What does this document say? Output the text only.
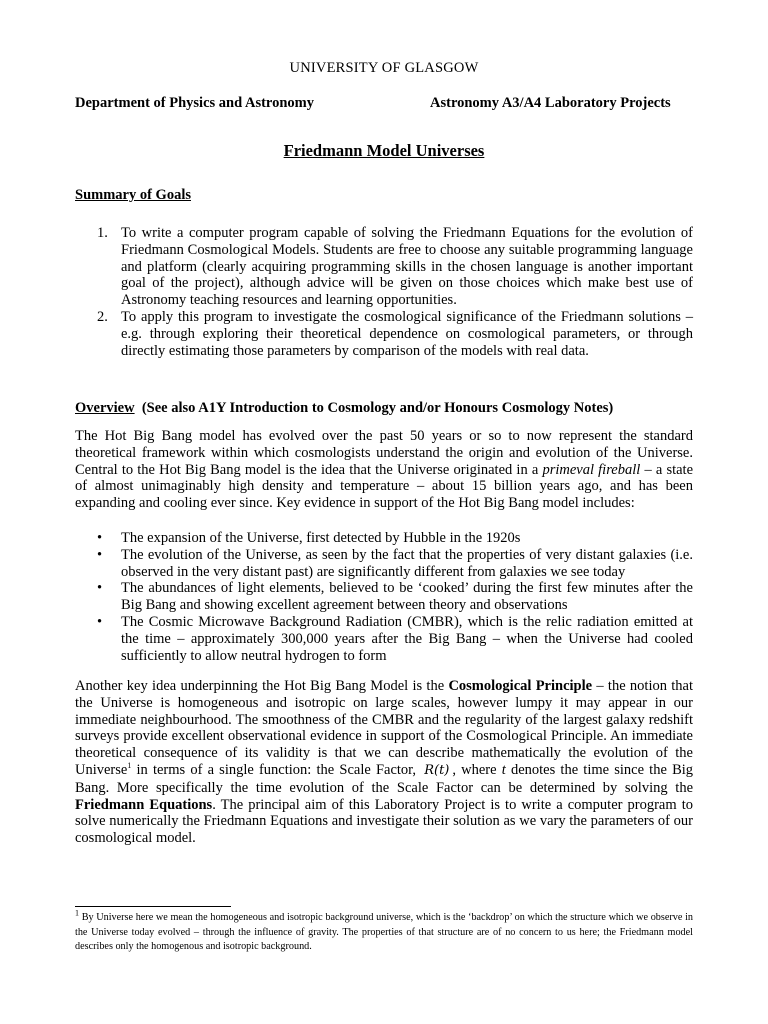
UNIVERSITY OF GLASGOW
Department of Physics and Astronomy	Astronomy A3/A4 Laboratory Projects
Friedmann Model Universes
Summary of Goals
1. To write a computer program capable of solving the Friedmann Equations for the evolution of Friedmann Cosmological Models. Students are free to choose any suitable programming language and platform (clearly acquiring programming skills in the chosen language is another important goal of the project), although advice will be given on those choices which make best use of Astronomy teaching resources and learning opportunities.
2. To apply this program to investigate the cosmological significance of the Friedmann solutions – e.g. through exploring their theoretical dependence on cosmological parameters, or through directly estimating those parameters by comparison of the models with real data.
Overview (See also A1Y Introduction to Cosmology and/or Honours Cosmology Notes)

The Hot Big Bang model has evolved over the past 50 years or so to now represent the standard theoretical framework within which cosmologists understand the origin and evolution of the Universe. Central to the Hot Big Bang model is the idea that the Universe originated in a primeval fireball – a state of almost unimaginably high density and temperature – about 15 billion years ago, and has been expanding and cooling ever since. Key evidence in support of the Hot Big Bang model includes:

• The expansion of the Universe, first detected by Hubble in the 1920s
• The evolution of the Universe, as seen by the fact that the properties of very distant galaxies (i.e. observed in the very distant past) are significantly different from galaxies we see today
• The abundances of light elements, believed to be ‘cooked’ during the first few minutes after the Big Bang and showing excellent agreement between theory and observations
• The Cosmic Microwave Background Radiation (CMBR), which is the relic radiation emitted at the time – approximately 300,000 years after the Big Bang – when the Universe had cooled sufficiently to allow neutral hydrogen to form

Another key idea underpinning the Hot Big Bang Model is the Cosmological Principle – the notion that the Universe is homogeneous and isotropic on large scales, however lumpy it may appear in our immediate neighbourhood. The smoothness of the CMBR and the regularity of the largest galaxy redshift surveys provide excellent observational evidence in support of the Cosmological Principle. An immediate theoretical consequence of its validity is that we can describe mathematically the evolution of the Universe$^1$ in terms of a single function: the Scale Factor, R(t) , where t denotes the time since the Big Bang. More specifically the time evolution of the Scale Factor can be determined by solving the Friedmann Equations. The principal aim of this Laboratory Project is to write a computer program to solve numerically the Friedmann Equations and investigate their solution as we vary the parameters of our cosmological model.

$^1$ By Universe here we mean the homogeneous and isotropic background universe, which is the ‘backdrop’ on which the structure which we observe in the Universe today evolved – through the influence of gravity. The properties of that structure are of no concern to us here; the Friedmann model describes only the homogenous and isotropic background.
